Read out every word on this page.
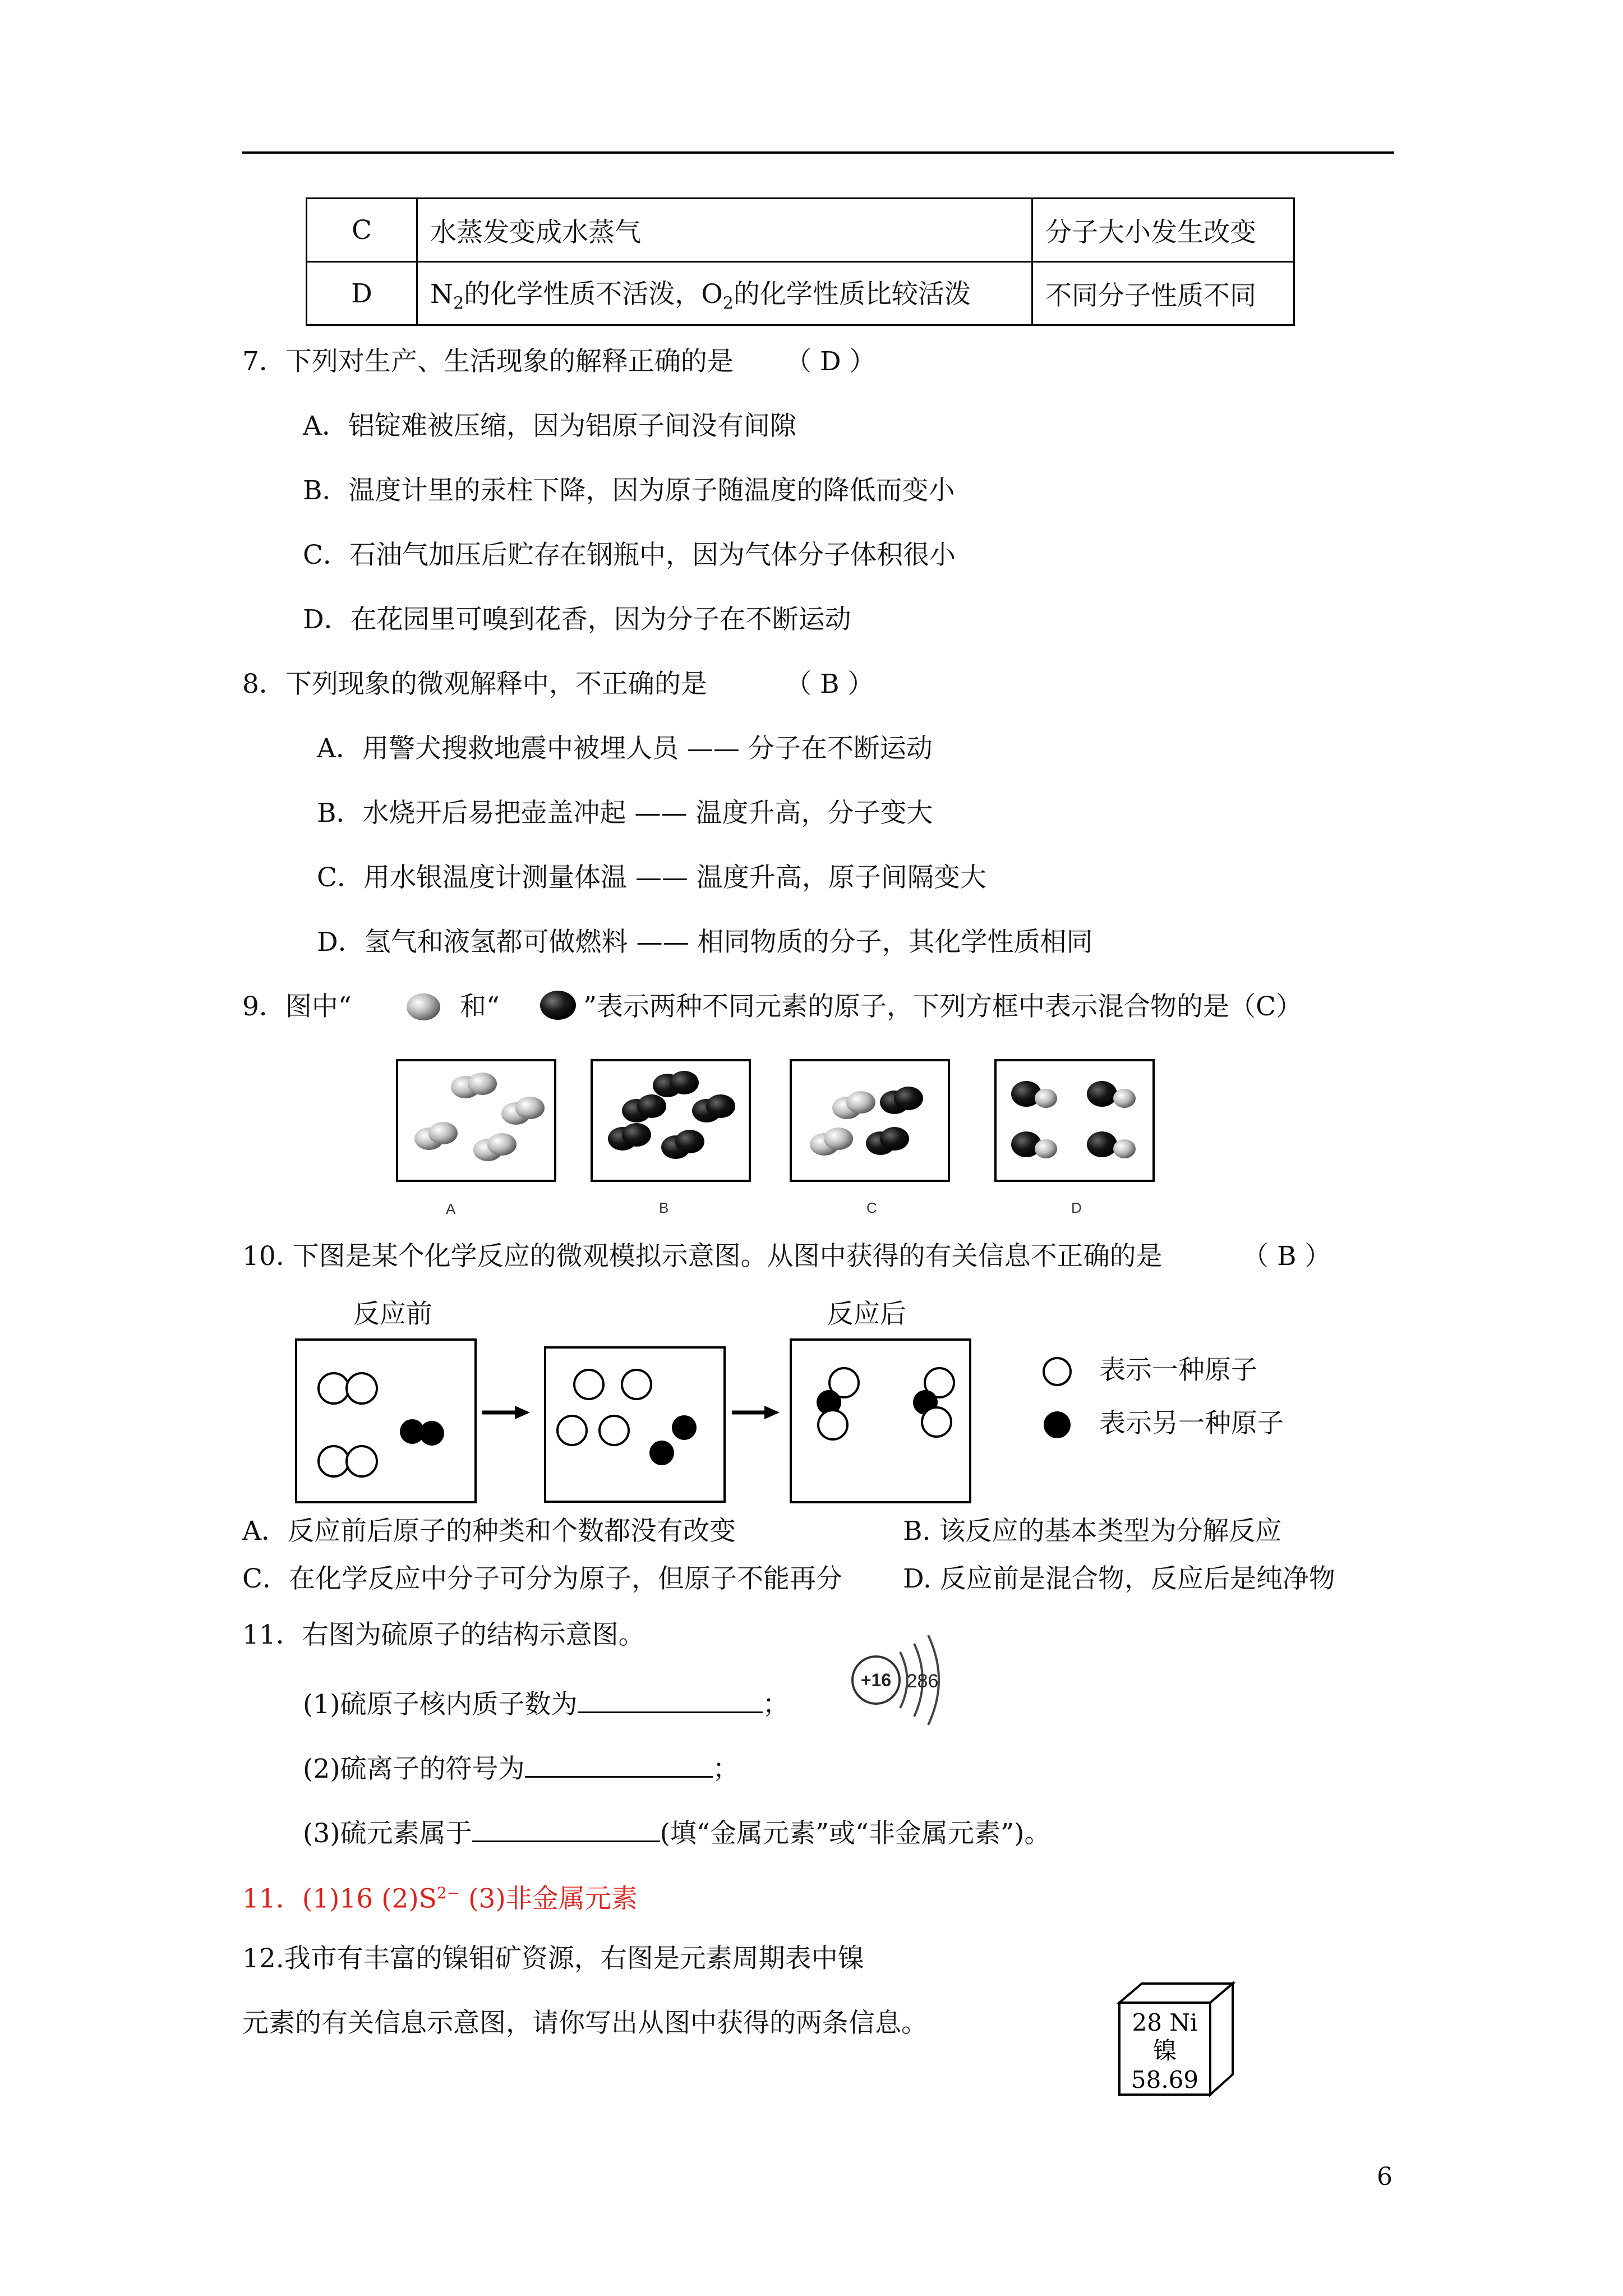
C	水蒸发变成水蒸气	分子大小发生改变
D	$N_2$的化学性质不活泼，$O_2$的化学性质比较活泼	不同分子性质不同
7．下列对生产、生活现象的解释正确的是 （ D ）
A．铝锭难被压缩，因为铝原子间没有间隙
B．温度计里的汞柱下降，因为原子随温度的降低而变小
C．石油气加压后贮存在钢瓶中，因为气体分子体积很小
D．在花园里可嗅到花香，因为分子在不断运动
8．下列现象的微观解释中，不正确的是	（ B ）
A．用警犬搜救地震中被埋人员 —— 分子在不断运动
B．水烧开后易把壶盖冲起 —— 温度升高，分子变大
C．用水银温度计测量体温 —— 温度升高，原子间隔变大
D．氢气和液氢都可做燃料 —— 相同物质的分子，其化学性质相同
9．图中“	和“	”表示两种不同元素的原子，下列方框中表示混合物的是（C）
A	B	C	D
10. 下图是某个化学反应的微观模拟示意图。从图中获得的有关信息不正确的是	（ B ）
反应前	反应后
表示一种原子
表示另一种原子
A．反应前后原子的种类和个数都没有改变	B. 该反应的基本类型为分解反应
C．在化学反应中分子可分为原子，但原子不能再分 D. 反应前是混合物，反应后是纯净物
11．右图为硫原子的结构示意图。
(1)硫原子核内质子数为	；
(2)硫离子的符号为	；
(3)硫元素属于	(填“金属元素”或“非金属元素”)。
+16 286
11．(1)16 $(2)S^{2-}$ (3)非金属元素
12.我市有丰富的镍钼矿资源，右图是元素周期表中镍
元素的有关信息示意图，请你写出从图中获得的两条信息。	28 Ni
镍
58.69
6
